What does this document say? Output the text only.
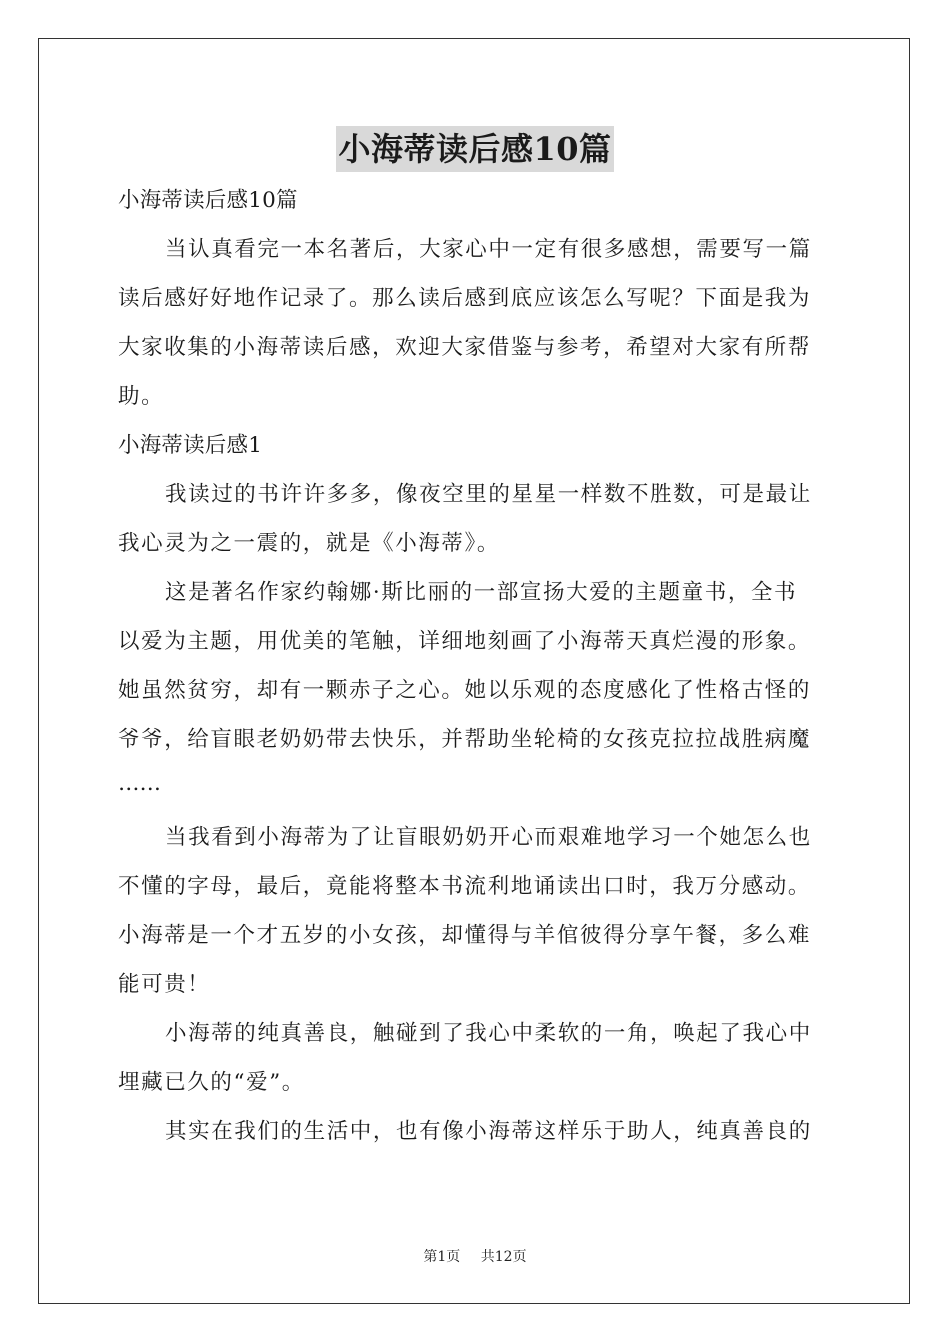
小海蒂读后感10篇
小海蒂读后感10篇
当认真看完一本名著后，大家心中一定有很多感想，需要写一篇
读后感好好地作记录了。那么读后感到底应该怎么写呢？下面是我为
大家收集的小海蒂读后感，欢迎大家借鉴与参考，希望对大家有所帮
助。
小海蒂读后感1
我读过的书许许多多，像夜空里的星星一样数不胜数，可是最让
我心灵为之一震的，就是《小海蒂》。
这是著名作家约翰娜·斯比丽的一部宣扬大爱的主题童书，全书
以爱为主题，用优美的笔触，详细地刻画了小海蒂天真烂漫的形象。
她虽然贫穷，却有一颗赤子之心。她以乐观的态度感化了性格古怪的
爷爷，给盲眼老奶奶带去快乐，并帮助坐轮椅的女孩克拉拉战胜病魔
……
当我看到小海蒂为了让盲眼奶奶开心而艰难地学习一个她怎么也
不懂的字母，最后，竟能将整本书流利地诵读出口时，我万分感动。
小海蒂是一个才五岁的小女孩，却懂得与羊倌彼得分享午餐，多么难
能可贵！
小海蒂的纯真善良，触碰到了我心中柔软的一角，唤起了我心中
埋藏已久的“爱”。
其实在我们的生活中，也有像小海蒂这样乐于助人，纯真善良的
第1页 共12页
